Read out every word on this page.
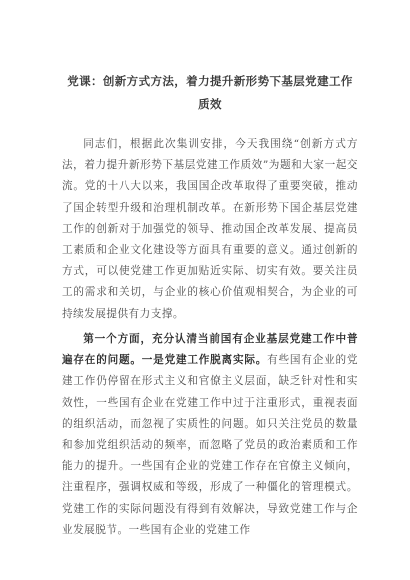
党课：创新方式方法，着力提升新形势下基层党建工作质效

同志们，根据此次集训安排，今天我围绕“创新方式方法，着力提升新形势下基层党建工作质效”为题和大家一起交流。党的十八大以来，我国国企改革取得了重要突破，推动了国企转型升级和治理机制改革。在新形势下国企基层党建工作的创新对于加强党的领导、推动国企改革发展、提高员工素质和企业文化建设等方面具有重要的意义。通过创新的方式，可以使党建工作更加贴近实际、切实有效。要关注员工的需求和关切，与企业的核心价值观相契合，为企业的可持续发展提供有力支撑。

第一个方面，充分认清当前国有企业基层党建工作中普遍存在的问题。一是党建工作脱离实际。有些国有企业的党建工作仍停留在形式主义和官僚主义层面，缺乏针对性和实效性，一些国有企业在党建工作中过于注重形式，重视表面的组织活动，而忽视了实质性的问题。如只关注党员的数量和参加党组织活动的频率，而忽略了党员的政治素质和工作能力的提升。一些国有企业的党建工作存在官僚主义倾向，注重程序，强调权威和等级，形成了一种僵化的管理模式。党建工作的实际问题没有得到有效解决，导致党建工作与企业发展脱节。一些国有企业的党建工作
